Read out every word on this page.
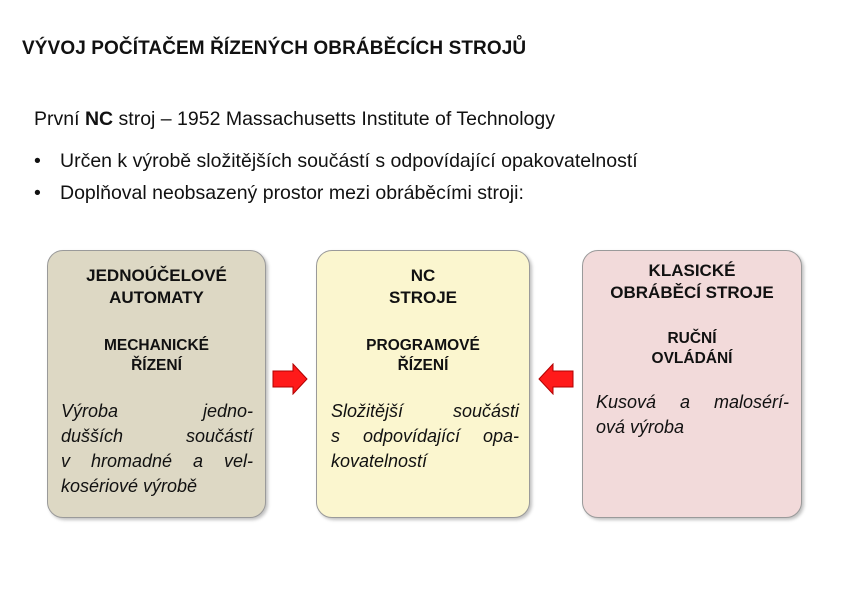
VÝVOJ POČÍTAČEM ŘÍZENÝCH OBRÁBĚCÍCH STROJŮ
První NC stroj – 1952 Massachusetts Institute of Technology
• Určen k výrobě složitějších součástí s odpovídající opakovatelností
• Doplňoval neobsazený prostor mezi obráběcími stroji:
JEDNOÚČELOVÉ
AUTOMATY
MECHANICKÉ
ŘÍZENÍ
Výroba jedno-
dušších součástí
v hromadné a vel-
kosériové výrobě
NC
STROJE
PROGRAMOVÉ
ŘÍZENÍ
Složitější součásti
s odpovídající opa-
kovatelností
KLASICKÉ
OBRÁBĚCÍ STROJE
RUČNÍ
OVLÁDÁNÍ
Kusová a malosérí-
ová výroba
